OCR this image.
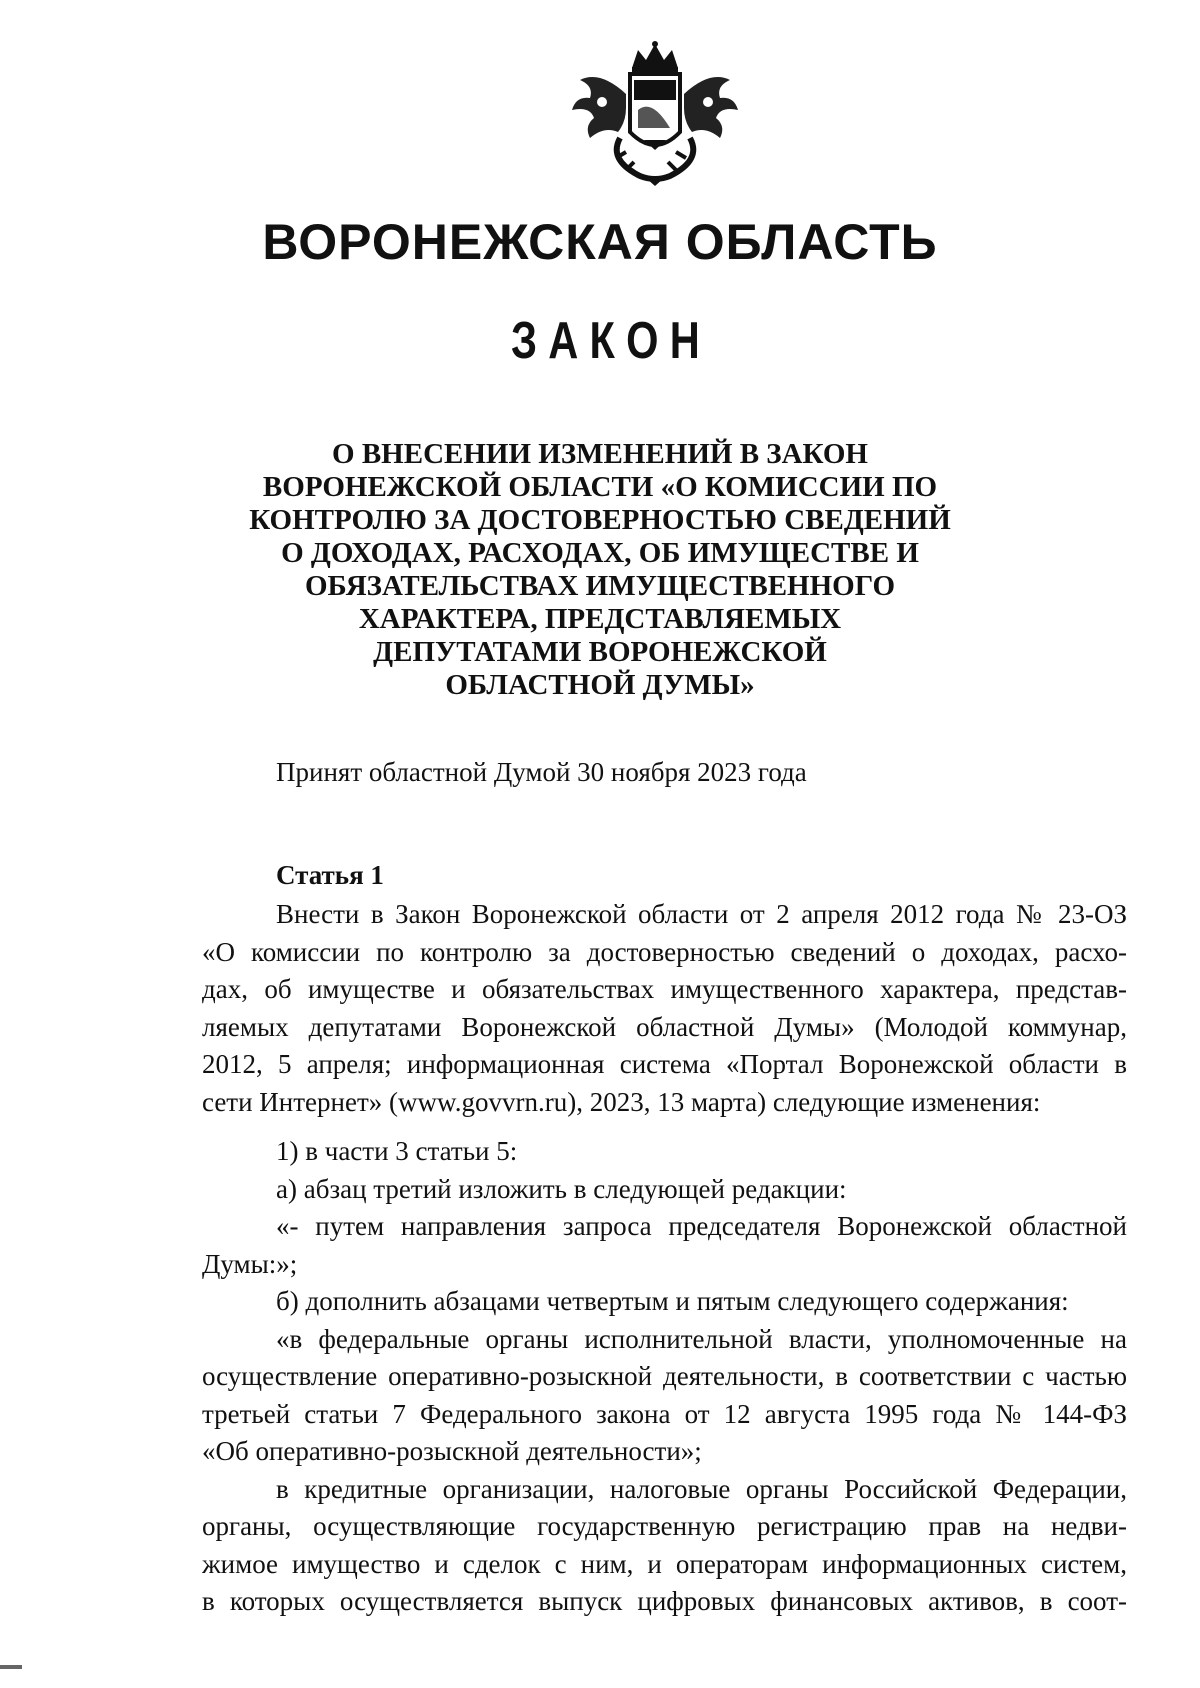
ВОРОНЕЖСКАЯ ОБЛАСТЬ
ЗАКОН
О ВНЕСЕНИИ ИЗМЕНЕНИЙ В ЗАКОН
ВОРОНЕЖСКОЙ ОБЛАСТИ «О КОМИССИИ ПО
КОНТРОЛЮ ЗА ДОСТОВЕРНОСТЬЮ СВЕДЕНИЙ
О ДОХОДАХ, РАСХОДАХ, ОБ ИМУЩЕСТВЕ И
ОБЯЗАТЕЛЬСТВАХ ИМУЩЕСТВЕННОГО
ХАРАКТЕРА, ПРЕДСТАВЛЯЕМЫХ
ДЕПУТАТАМИ ВОРОНЕЖСКОЙ
ОБЛАСТНОЙ ДУМЫ»
Принят областной Думой 30 ноября 2023 года
Статья 1
Внести в Закон Воронежской области от 2 апреля 2012 года № 23-ОЗ
«О комиссии по контролю за достоверностью сведений о доходах, расхо-
дах, об имуществе и обязательствах имущественного характера, представ-
ляемых депутатами Воронежской областной Думы» (Молодой коммунар,
2012, 5 апреля; информационная система «Портал Воронежской области в
сети Интернет» (www.govvrn.ru), 2023, 13 марта) следующие изменения:
1) в части 3 статьи 5:
а) абзац третий изложить в следующей редакции:
«- путем направления запроса председателя Воронежской областной
Думы:»;
б) дополнить абзацами четвертым и пятым следующего содержания:
«в федеральные органы исполнительной власти, уполномоченные на
осуществление оперативно-розыскной деятельности, в соответствии с частью
третьей статьи 7 Федерального закона от 12 августа 1995 года № 144-ФЗ
«Об оперативно-розыскной деятельности»;
в кредитные организации, налоговые органы Российской Федерации,
органы, осуществляющие государственную регистрацию прав на недви-
жимое имущество и сделок с ним, и операторам информационных систем,
в которых осуществляется выпуск цифровых финансовых активов, в соот-
